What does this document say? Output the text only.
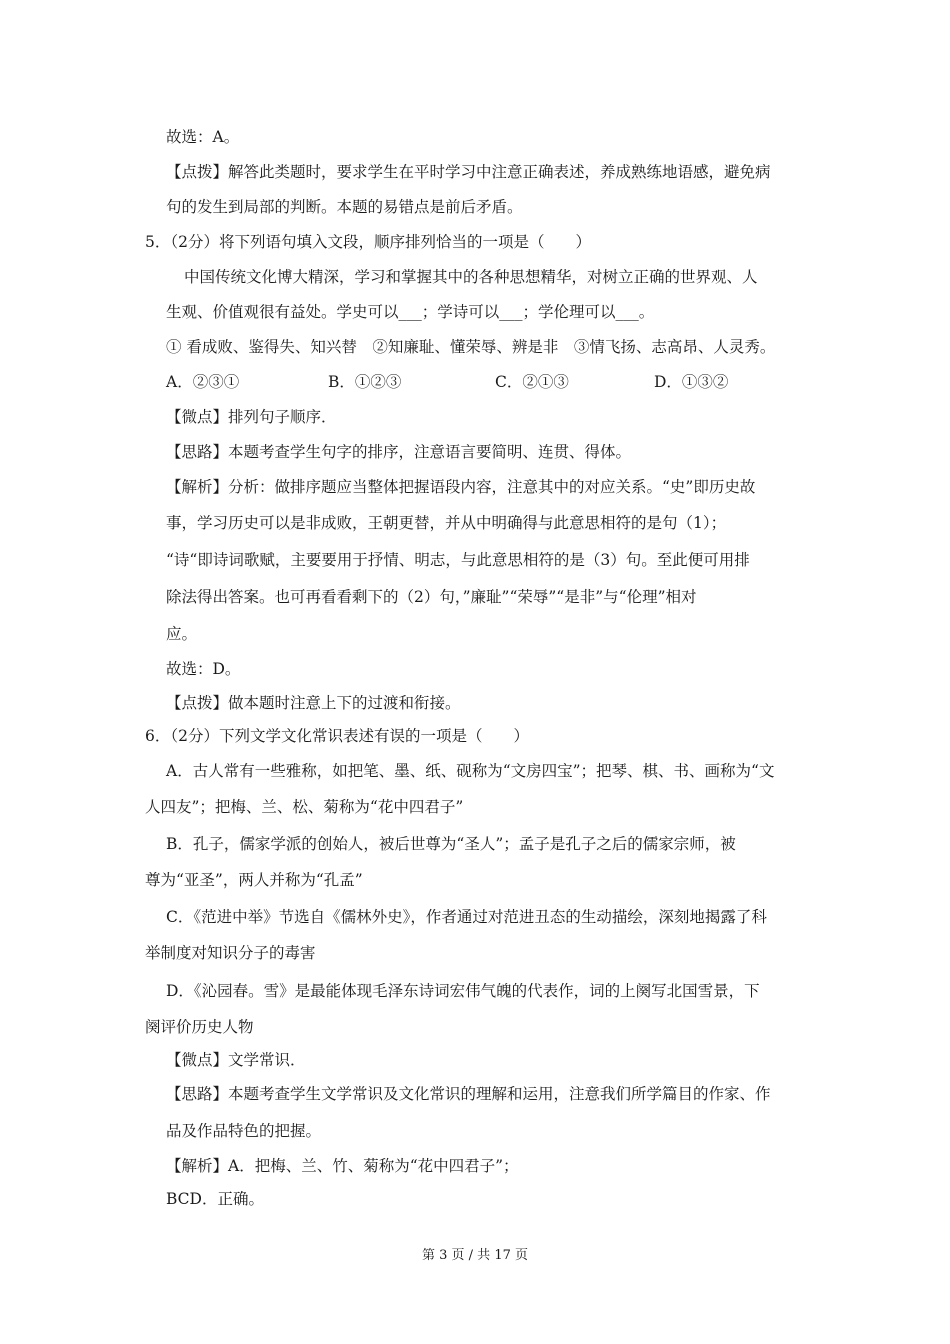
故选：A。
【点拨】解答此类题时，要求学生在平时学习中注意正确表述，养成熟练地语感，避免病
句的发生到局部的判断。本题的易错点是前后矛盾。
5．（2分）将下列语句填入文段，顺序排列恰当的一项是（　　）
中国传统文化博大精深，学习和掌握其中的各种思想精华，对树立正确的世界观、人
生观、价值观很有益处。学史可以___；学诗可以___；学伦理可以___。
① 看成败、鉴得失、知兴替　②知廉耻、懂荣辱、辨是非　③情飞扬、志高昂、人灵秀。
A．②③①	B．①②③	C．②①③	D．①③②
【微点】排列句子顺序．
【思路】本题考查学生句字的排序，注意语言要简明、连贯、得体。
【解析】分析：做排序题应当整体把握语段内容，注意其中的对应关系。“史”即历史故
事，学习历史可以是非成败，王朝更替，并从中明确得与此意思相符的是句（1）；
“诗“即诗词歌赋，主要要用于抒情、明志，与此意思相符的是（3）句。至此便可用排
除法得出答案。也可再看看剩下的（2）句，”廉耻”“荣辱”“是非”与“伦理”相对
应。
故选：D。
【点拨】做本题时注意上下的过渡和衔接。
6．（2分）下列文学文化常识表述有误的一项是（　　）
A．古人常有一些雅称，如把笔、墨、纸、砚称为“文房四宝”；把琴、棋、书、画称为“文
人四友”；把梅、兰、松、菊称为“花中四君子”
B．孔子，儒家学派的创始人，被后世尊为“圣人”；孟子是孔子之后的儒家宗师，被
尊为“亚圣”，两人并称为“孔孟”
C．《范进中举》节选自《儒林外史》，作者通过对范进丑态的生动描绘，深刻地揭露了科
举制度对知识分子的毒害
D．《沁园春。雪》是最能体现毛泽东诗词宏伟气魄的代表作，词的上阕写北国雪景，下
阕评价历史人物
【微点】文学常识．
【思路】本题考查学生文学常识及文化常识的理解和运用，注意我们所学篇目的作家、作
品及作品特色的把握。
【解析】A．把梅、兰、竹、菊称为“花中四君子”；
BCD．正确。
第 3 页 / 共 17 页
